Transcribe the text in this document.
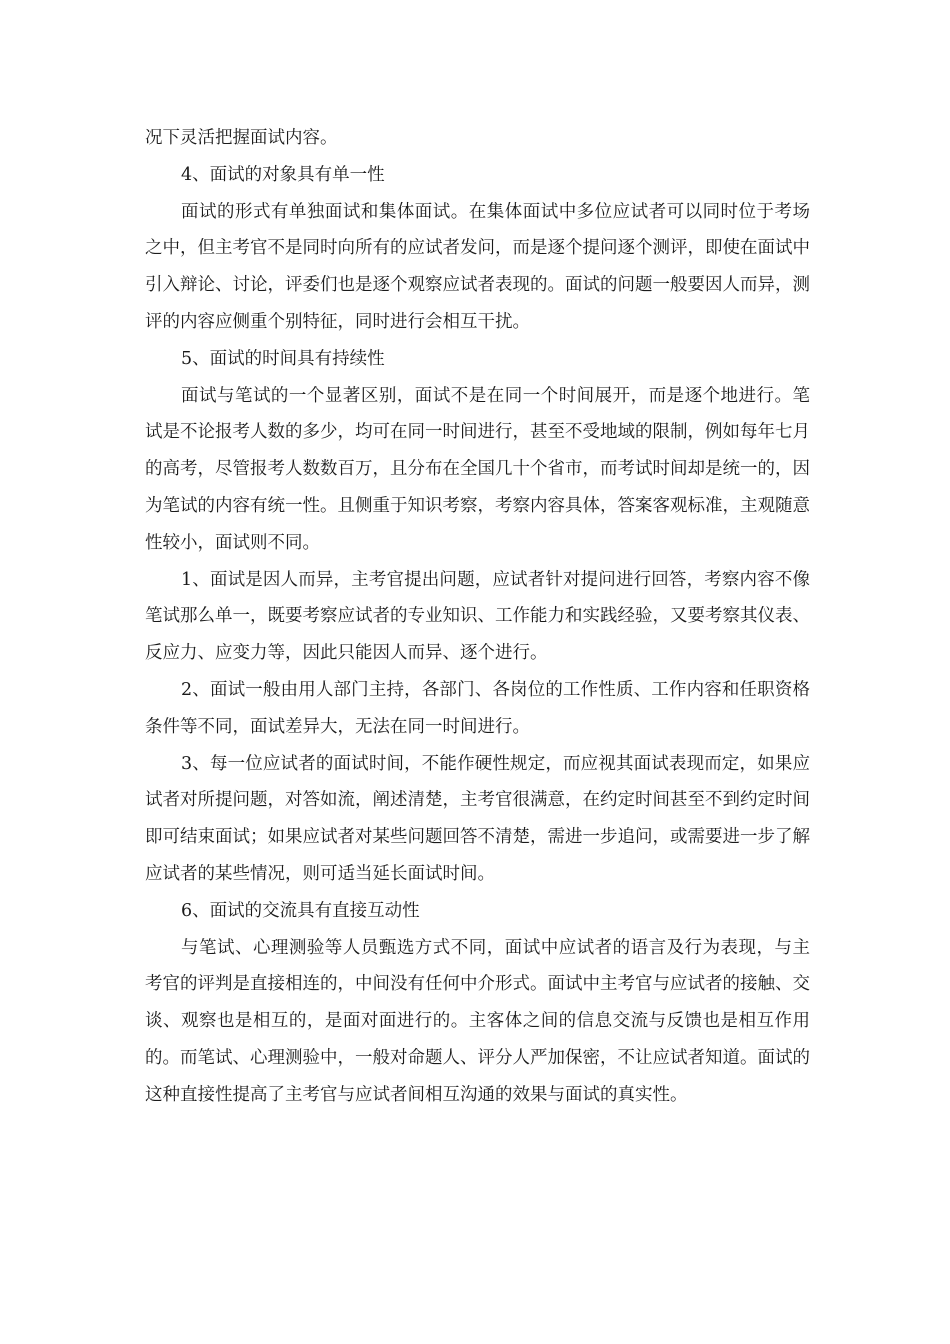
况下灵活把握面试内容。

4、面试的对象具有单一性

面试的形式有单独面试和集体面试。在集体面试中多位应试者可以同时位于考场之中，但主考官不是同时向所有的应试者发问，而是逐个提问逐个测评，即使在面试中引入辩论、讨论，评委们也是逐个观察应试者表现的。面试的问题一般要因人而异，测评的内容应侧重个别特征，同时进行会相互干扰。

5、面试的时间具有持续性

面试与笔试的一个显著区别，面试不是在同一个时间展开，而是逐个地进行。笔试是不论报考人数的多少，均可在同一时间进行，甚至不受地域的限制，例如每年七月的高考，尽管报考人数数百万，且分布在全国几十个省市，而考试时间却是统一的，因为笔试的内容有统一性。且侧重于知识考察，考察内容具体，答案客观标准，主观随意性较小，面试则不同。

1、面试是因人而异，主考官提出问题，应试者针对提问进行回答，考察内容不像笔试那么单一，既要考察应试者的专业知识、工作能力和实践经验，又要考察其仪表、反应力、应变力等，因此只能因人而异、逐个进行。

2、面试一般由用人部门主持，各部门、各岗位的工作性质、工作内容和任职资格条件等不同，面试差异大，无法在同一时间进行。

3、每一位应试者的面试时间，不能作硬性规定，而应视其面试表现而定，如果应试者对所提问题，对答如流，阐述清楚，主考官很满意，在约定时间甚至不到约定时间即可结束面试；如果应试者对某些问题回答不清楚，需进一步追问，或需要进一步了解应试者的某些情况，则可适当延长面试时间。

6、面试的交流具有直接互动性

与笔试、心理测验等人员甄选方式不同，面试中应试者的语言及行为表现，与主考官的评判是直接相连的，中间没有任何中介形式。面试中主考官与应试者的接触、交谈、观察也是相互的，是面对面进行的。主客体之间的信息交流与反馈也是相互作用的。而笔试、心理测验中，一般对命题人、评分人严加保密，不让应试者知道。面试的这种直接性提高了主考官与应试者间相互沟通的效果与面试的真实性。
